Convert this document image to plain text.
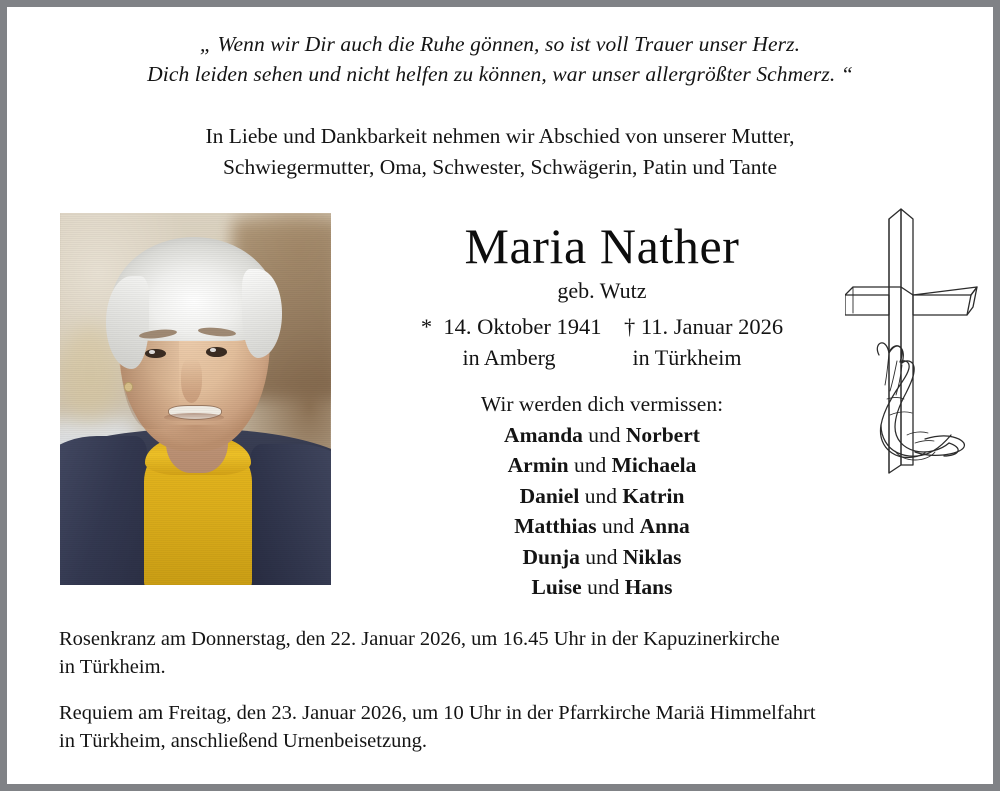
„ Wenn wir Dir auch die Ruhe gönnen, so ist voll Trauer unser Herz.
Dich leiden sehen und nicht helfen zu können, war unser allergrößter Schmerz. “
In Liebe und Dankbarkeit nehmen wir Abschied von unserer Mutter,
Schwiegermutter, Oma, Schwester, Schwägerin, Patin und Tante
Maria Nather
geb. Wutz
*  14. Oktober 1941    † 11. Januar 2026
in Amberg              in Türkheim
Wir werden dich vermissen:
Amanda und Norbert
Armin und Michaela
Daniel und Katrin
Matthias und Anna
Dunja und Niklas
Luise und Hans
Rosenkranz am Donnerstag, den 22. Januar 2026, um 16.45 Uhr in der Kapuzinerkirche
in Türkheim.
Requiem am Freitag, den 23. Januar 2026, um 10 Uhr in der Pfarrkirche Mariä Himmelfahrt
in Türkheim, anschließend Urnenbeisetzung.
